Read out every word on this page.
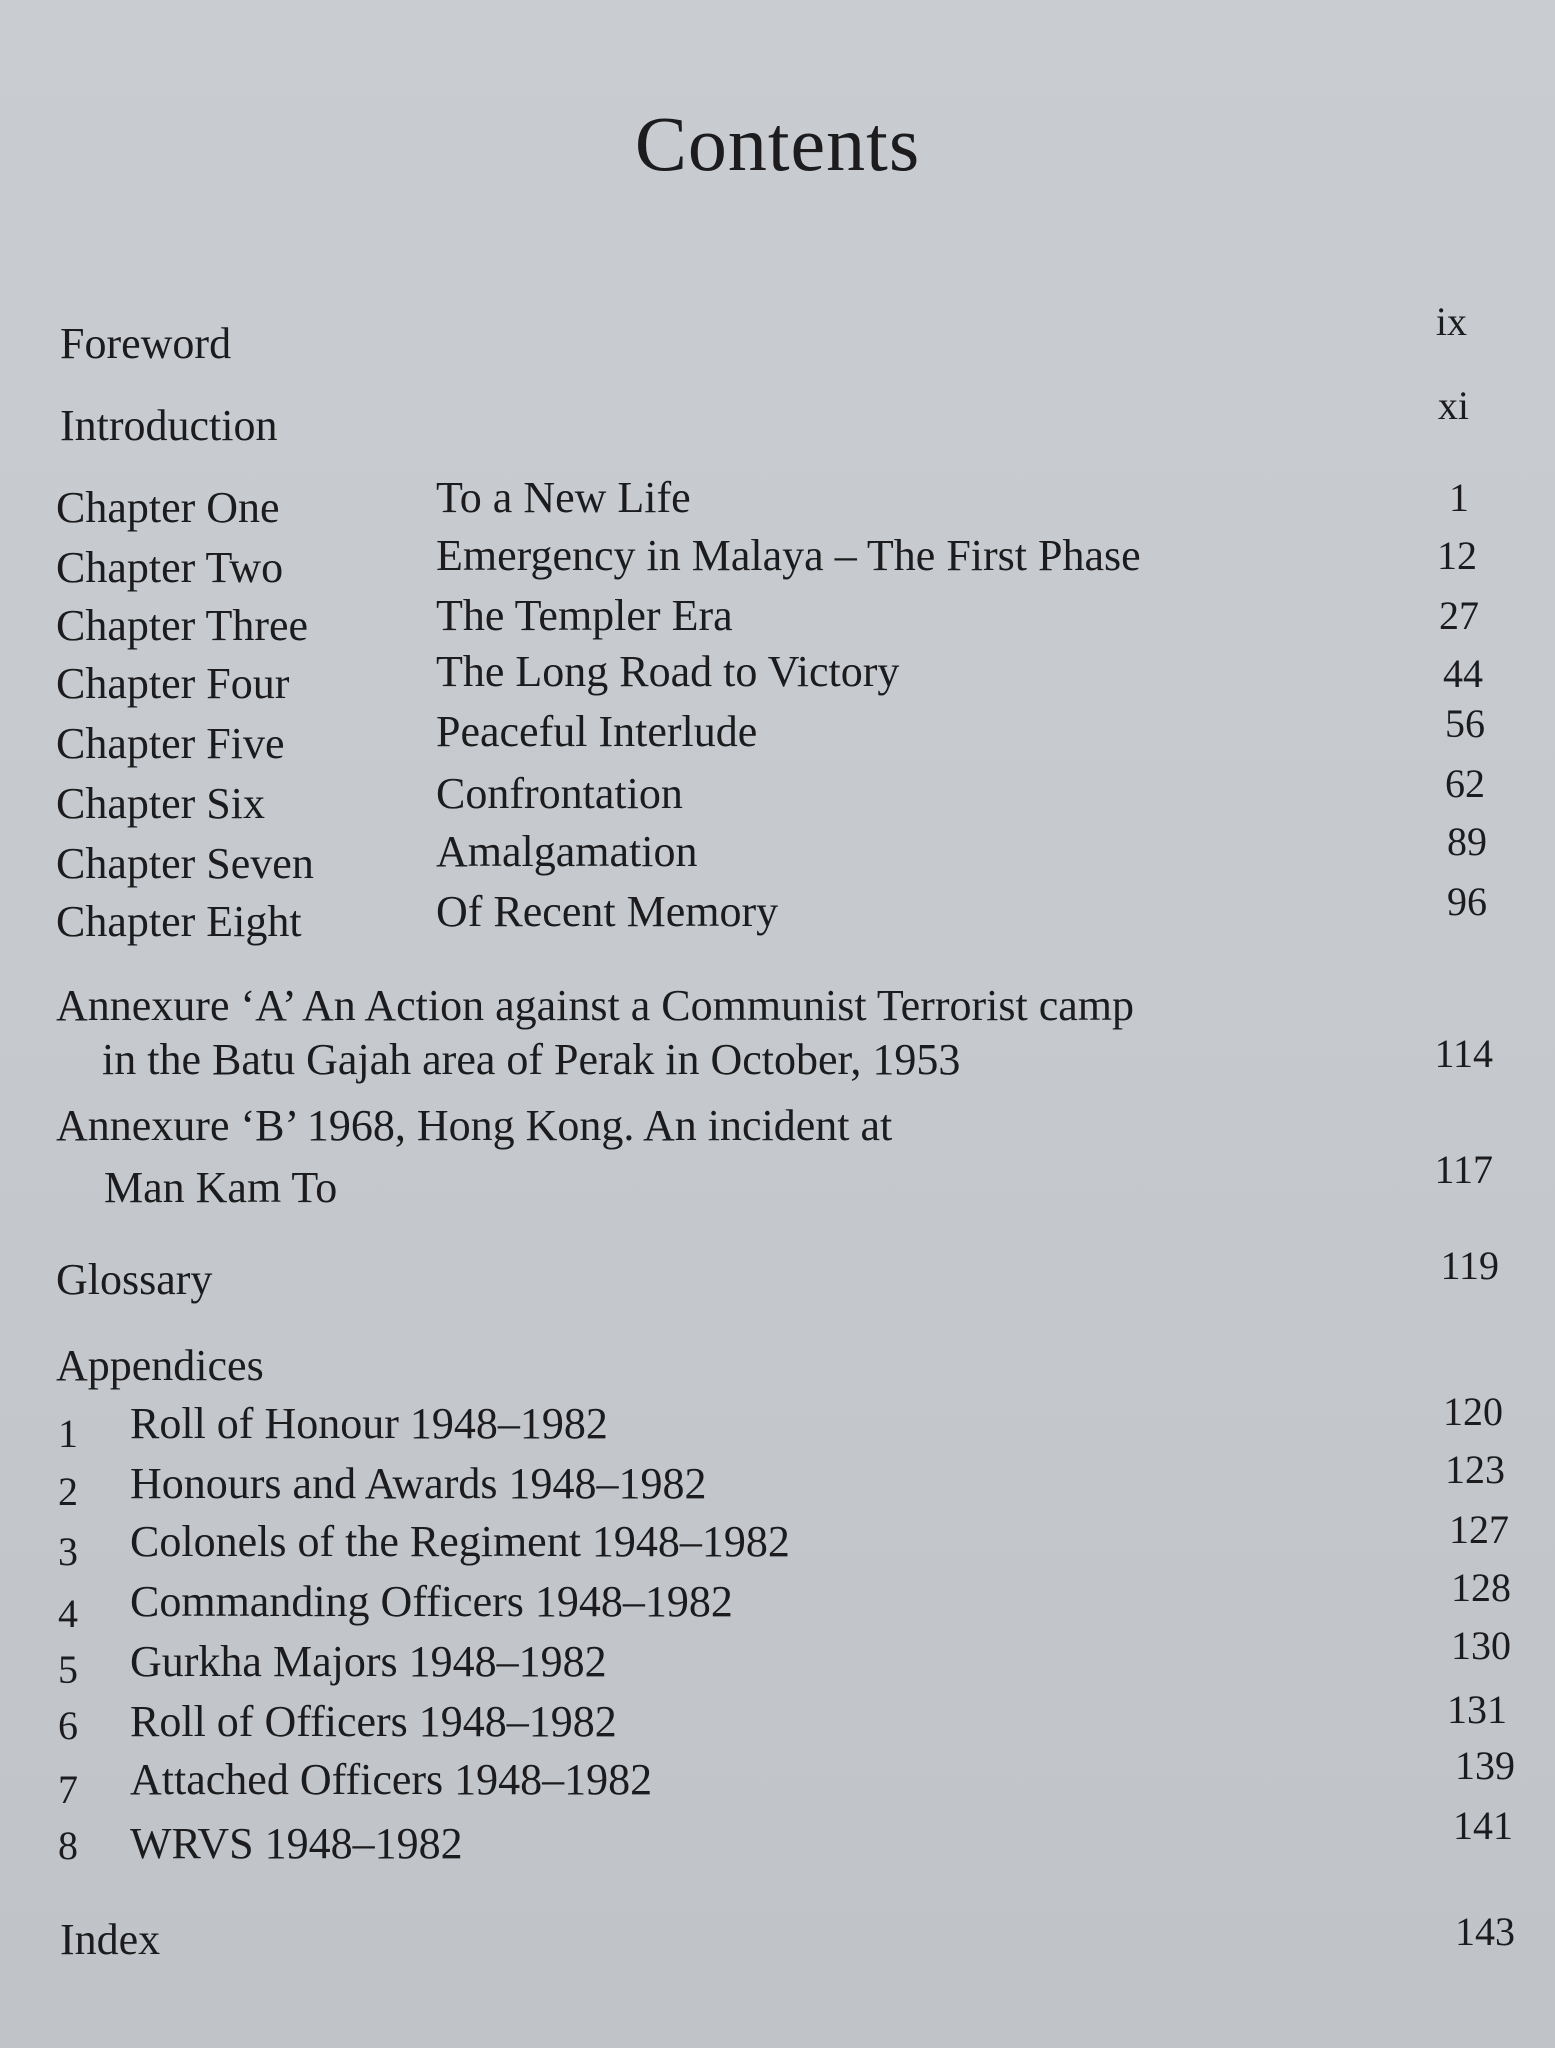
Contents
Foreword	ix
Introduction	xi
Chapter One	To a New Life	1
Chapter Two	Emergency in Malaya – The First Phase	12
Chapter Three	The Templer Era	27
Chapter Four	The Long Road to Victory	44
Chapter Five	Peaceful Interlude	56
Chapter Six	Confrontation	62
Chapter Seven	Amalgamation	89
Chapter Eight	Of Recent Memory	96
Annexure ‘A’ An Action against a Communist Terrorist camp
in the Batu Gajah area of Perak in October, 1953	114
Annexure ‘B’ 1968, Hong Kong. An incident at
Man Kam To	117
Glossary	119
Appendices
1 Roll of Honour 1948–1982	120
2 Honours and Awards 1948–1982	123
3 Colonels of the Regiment 1948–1982	127
4 Commanding Officers 1948–1982	128
5 Gurkha Majors 1948–1982	130
6 Roll of Officers 1948–1982	131
7 Attached Officers 1948–1982	139
8 WRVS 1948–1982	141
Index	143
